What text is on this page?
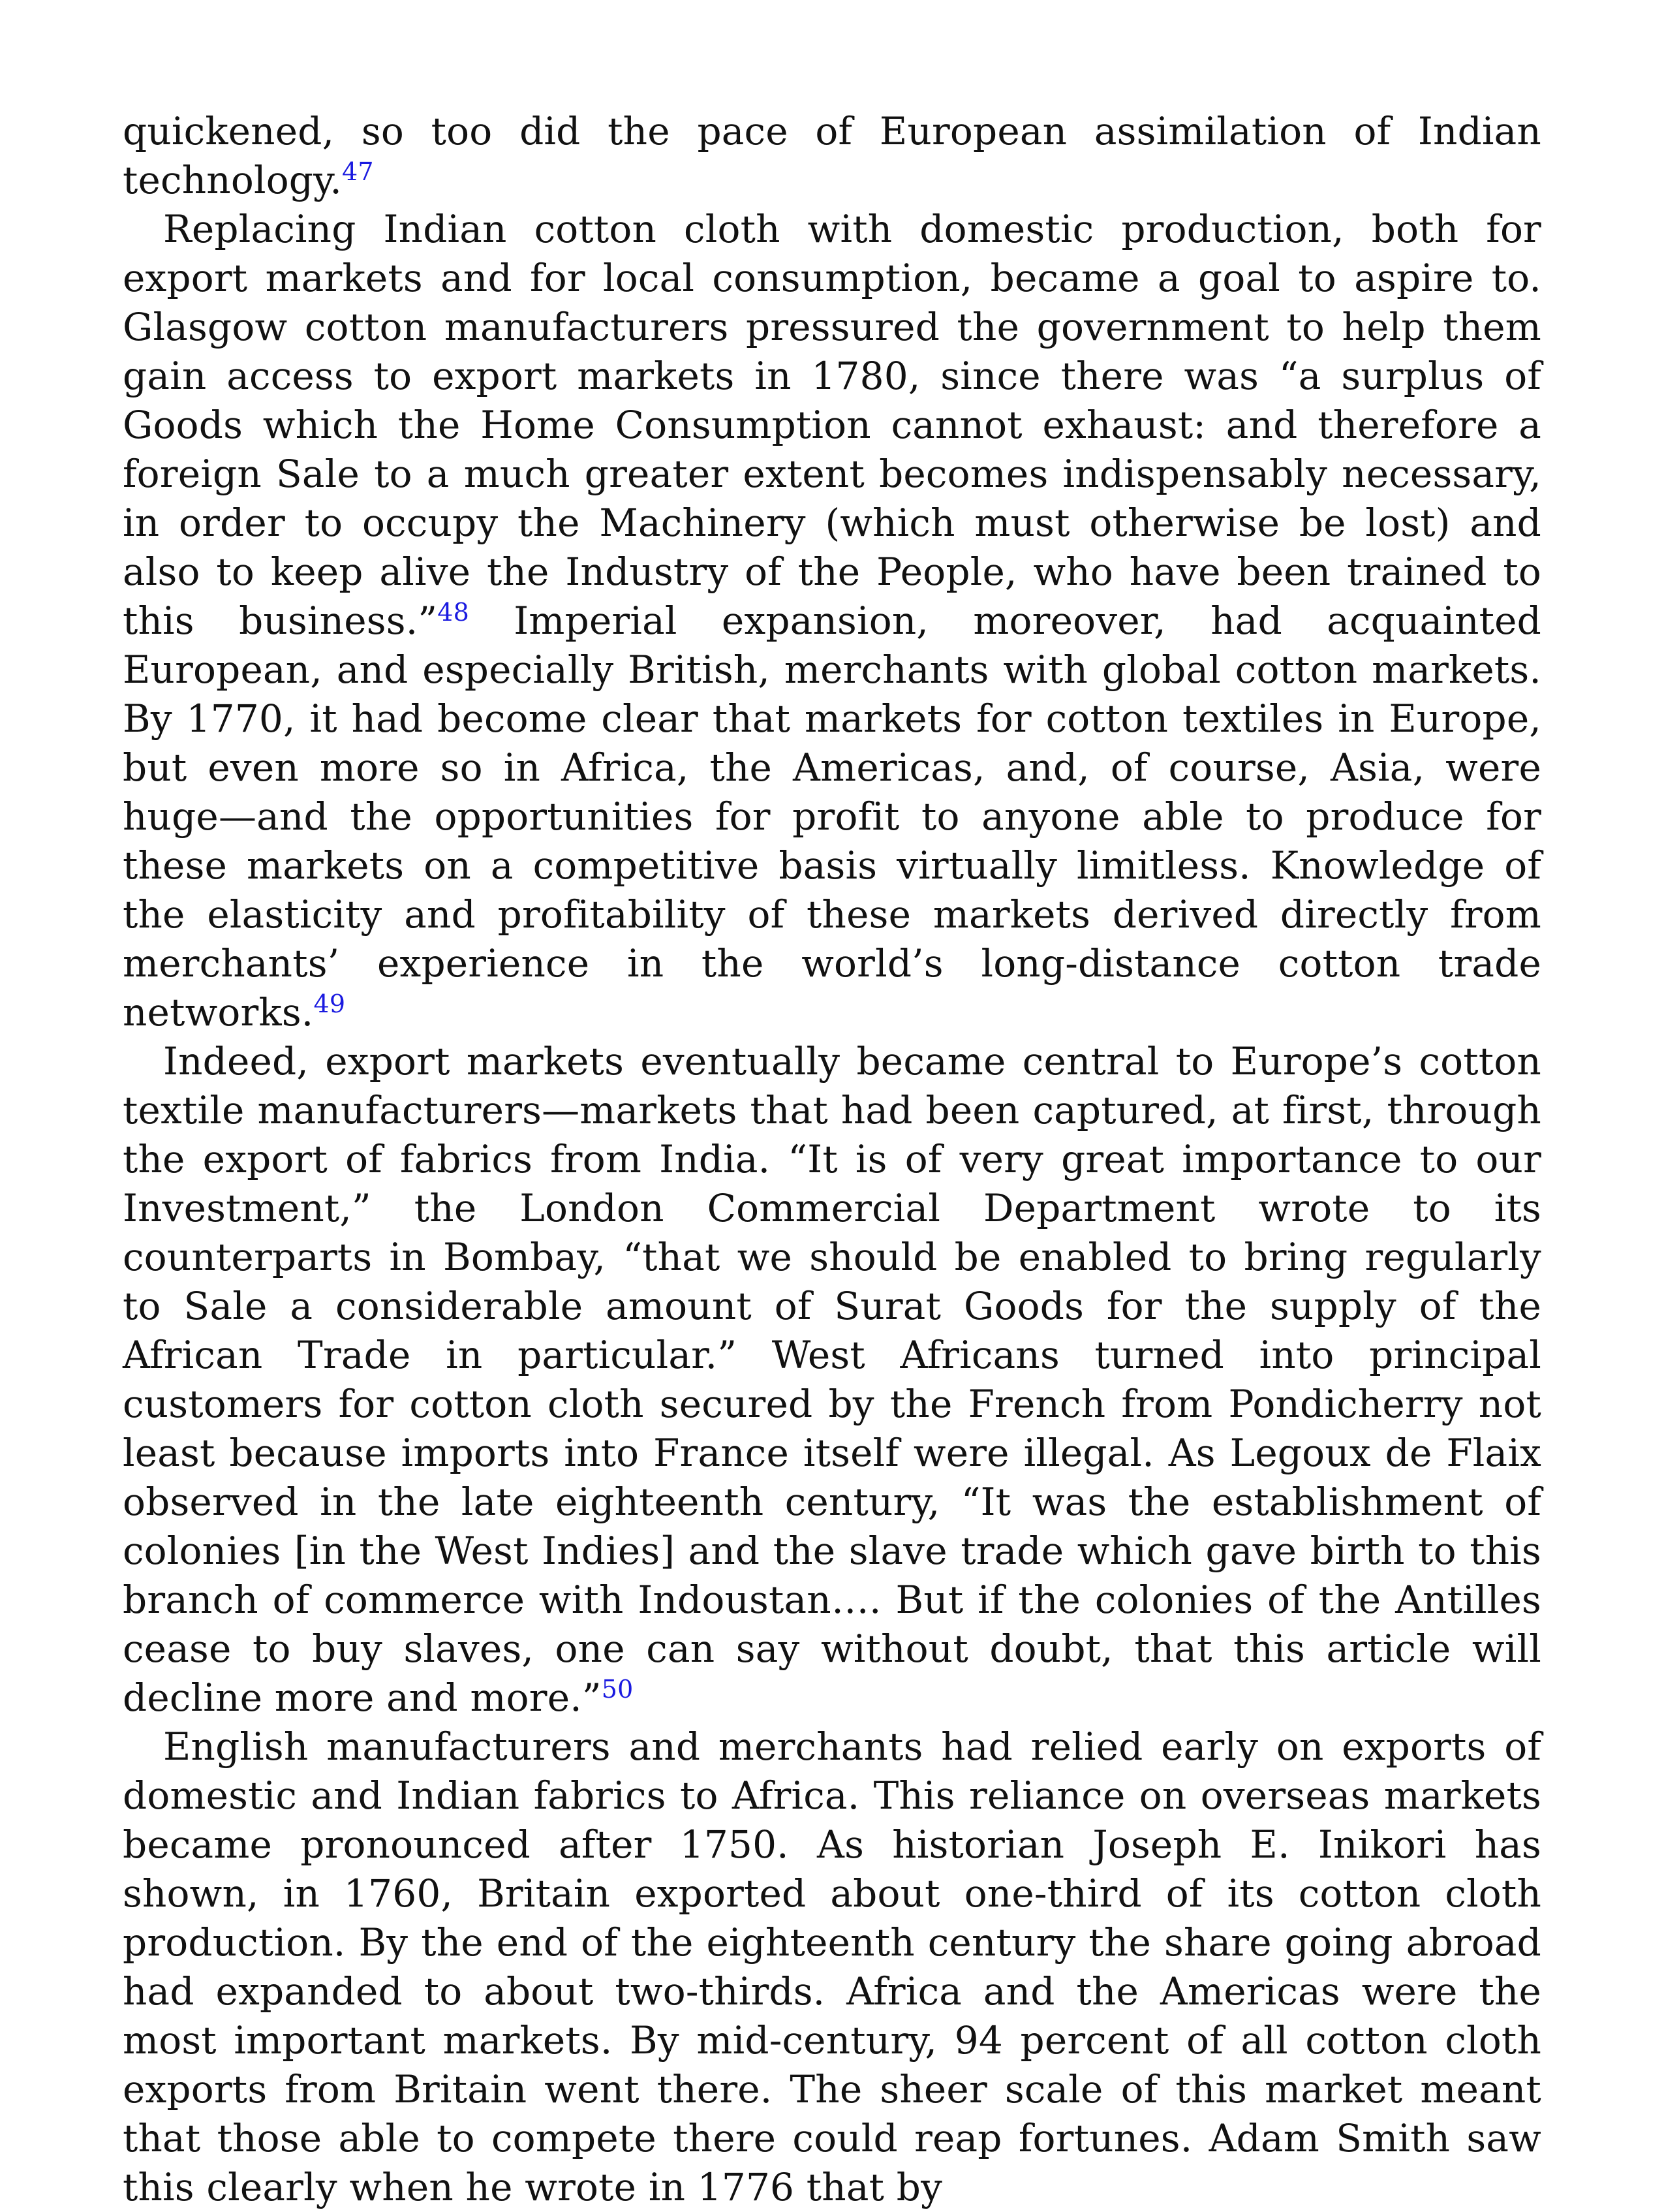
quickened, so too did the pace of European assimilation of Indian technology.$^{47}$

Replacing Indian cotton cloth with domestic production, both for export markets and for local consumption, became a goal to aspire to. Glasgow cotton manufacturers pressured the government to help them gain access to export markets in 1780, since there was “a surplus of Goods which the Home Consumption cannot exhaust: and therefore a foreign Sale to a much greater extent becomes indispensably necessary, in order to occupy the Machinery (which must otherwise be lost) and also to keep alive the Industry of the People, who have been trained to this business.”$^{48}$ Imperial expansion, moreover, had acquainted European, and especially British, merchants with global cotton markets. By 1770, it had become clear that markets for cotton textiles in Europe, but even more so in Africa, the Americas, and, of course, Asia, were huge—and the opportunities for profit to anyone able to produce for these markets on a competitive basis virtually limitless. Knowledge of the elasticity and profitability of these markets derived directly from merchants’ experience in the world’s long-distance cotton trade networks.$^{49}$

Indeed, export markets eventually became central to Europe’s cotton textile manufacturers—markets that had been captured, at first, through the export of fabrics from India. “It is of very great importance to our Investment,” the London Commercial Department wrote to its counterparts in Bombay, “that we should be enabled to bring regularly to Sale a considerable amount of Surat Goods for the supply of the African Trade in particular.” West Africans turned into principal customers for cotton cloth secured by the French from Pondicherry not least because imports into France itself were illegal. As Legoux de Flaix observed in the late eighteenth century, “It was the establishment of colonies [in the West Indies] and the slave trade which gave birth to this branch of commerce with Indoustan…. But if the colonies of the Antilles cease to buy slaves, one can say without doubt, that this article will decline more and more.”$^{50}$

English manufacturers and merchants had relied early on exports of domestic and Indian fabrics to Africa. This reliance on overseas markets became pronounced after 1750. As historian Joseph E. Inikori has shown, in 1760, Britain exported about one-third of its cotton cloth production. By the end of the eighteenth century the share going abroad had expanded to about two-thirds. Africa and the Americas were the most important markets. By mid-century, 94 percent of all cotton cloth exports from Britain went there. The sheer scale of this market meant that those able to compete there could reap fortunes. Adam Smith saw this clearly when he wrote in 1776 that by
